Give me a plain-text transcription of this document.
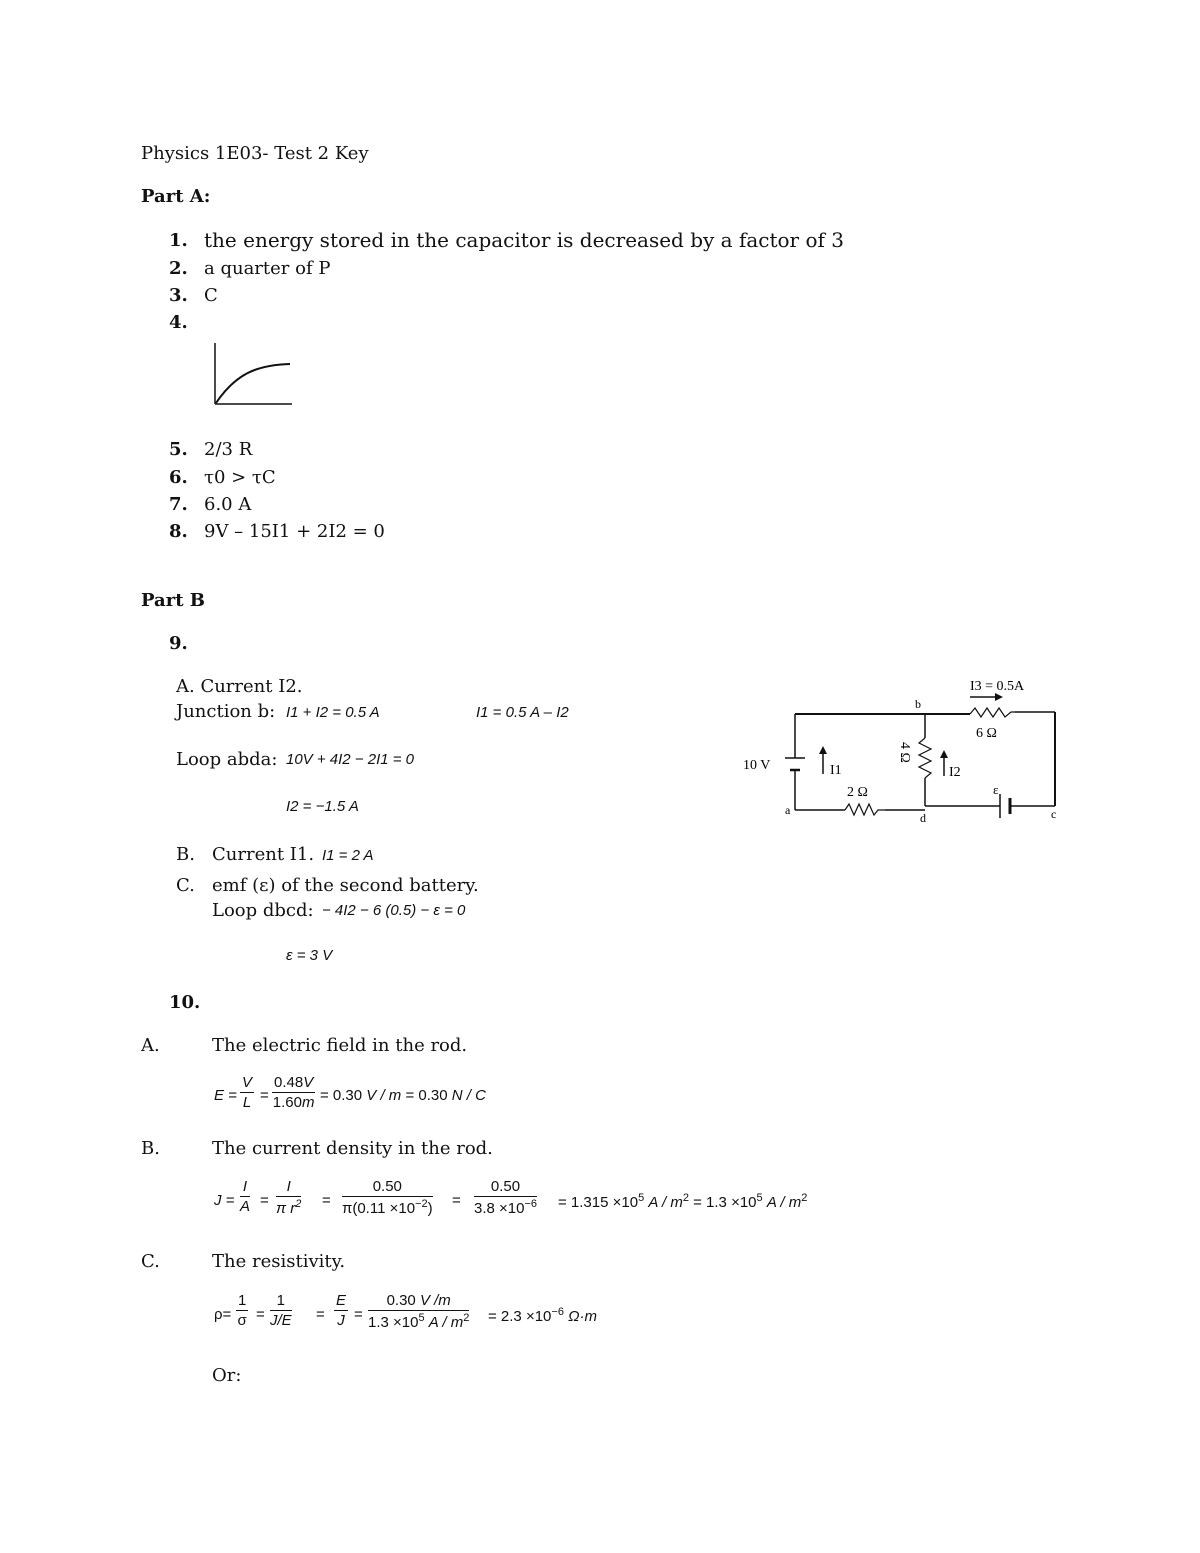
Physics 1E03- Test 2 Key
Part A:
1. the energy stored in the capacitor is decreased by a factor of 3
2. a quarter of P
3. C
4.
5. 2/3 R
6. τ0 > τC
7. 6.0 A
8. 9V – 15I1 + 2I2 = 0
Part B
9.
A. Current I2.
Junction b: I1 + I2 = 0.5 A	I1 = 0.5 A – I2
Loop abda: 10V + 4I2 − 2I1 = 0
I2 = −1.5 A
B. Current I1. I1 = 2 A
C. emf (ε) of the second battery.
Loop dbcd: − 4I2 − 6 (0.5) − ε = 0
ε = 3 V
10 V	I1
2 Ω
I2
I3 = 0.5A
6 Ω
ε
4 Ω
a
b
c
d
10.
A.	The electric field in the rod.
$E = \frac{V}{L} = \frac{0.48V}{1.60m} = 0.30$ V / m = 0.30 N / C
B.	The current density in the rod.
$J = \frac{I}{A} = \frac{I}{\pi r^2} = \frac{0.50}{\pi(0.11 \times 10^{-2})} = \frac{0.50}{3.8 \times 10^{-6}} = 1.315 \times 10^5$ $A / m^2 = 1.3 \times 10^5$ A / $m^2$
C.	The resistivity.
$\rho= \frac{1}{\sigma} = \frac{1}{J/E} = \frac{E}{J} = \frac{0.30 V /m}{1.3 \times 10^5 A / m^2} = 2.3 \times 10^{-6}$ Ω·m
Or:
